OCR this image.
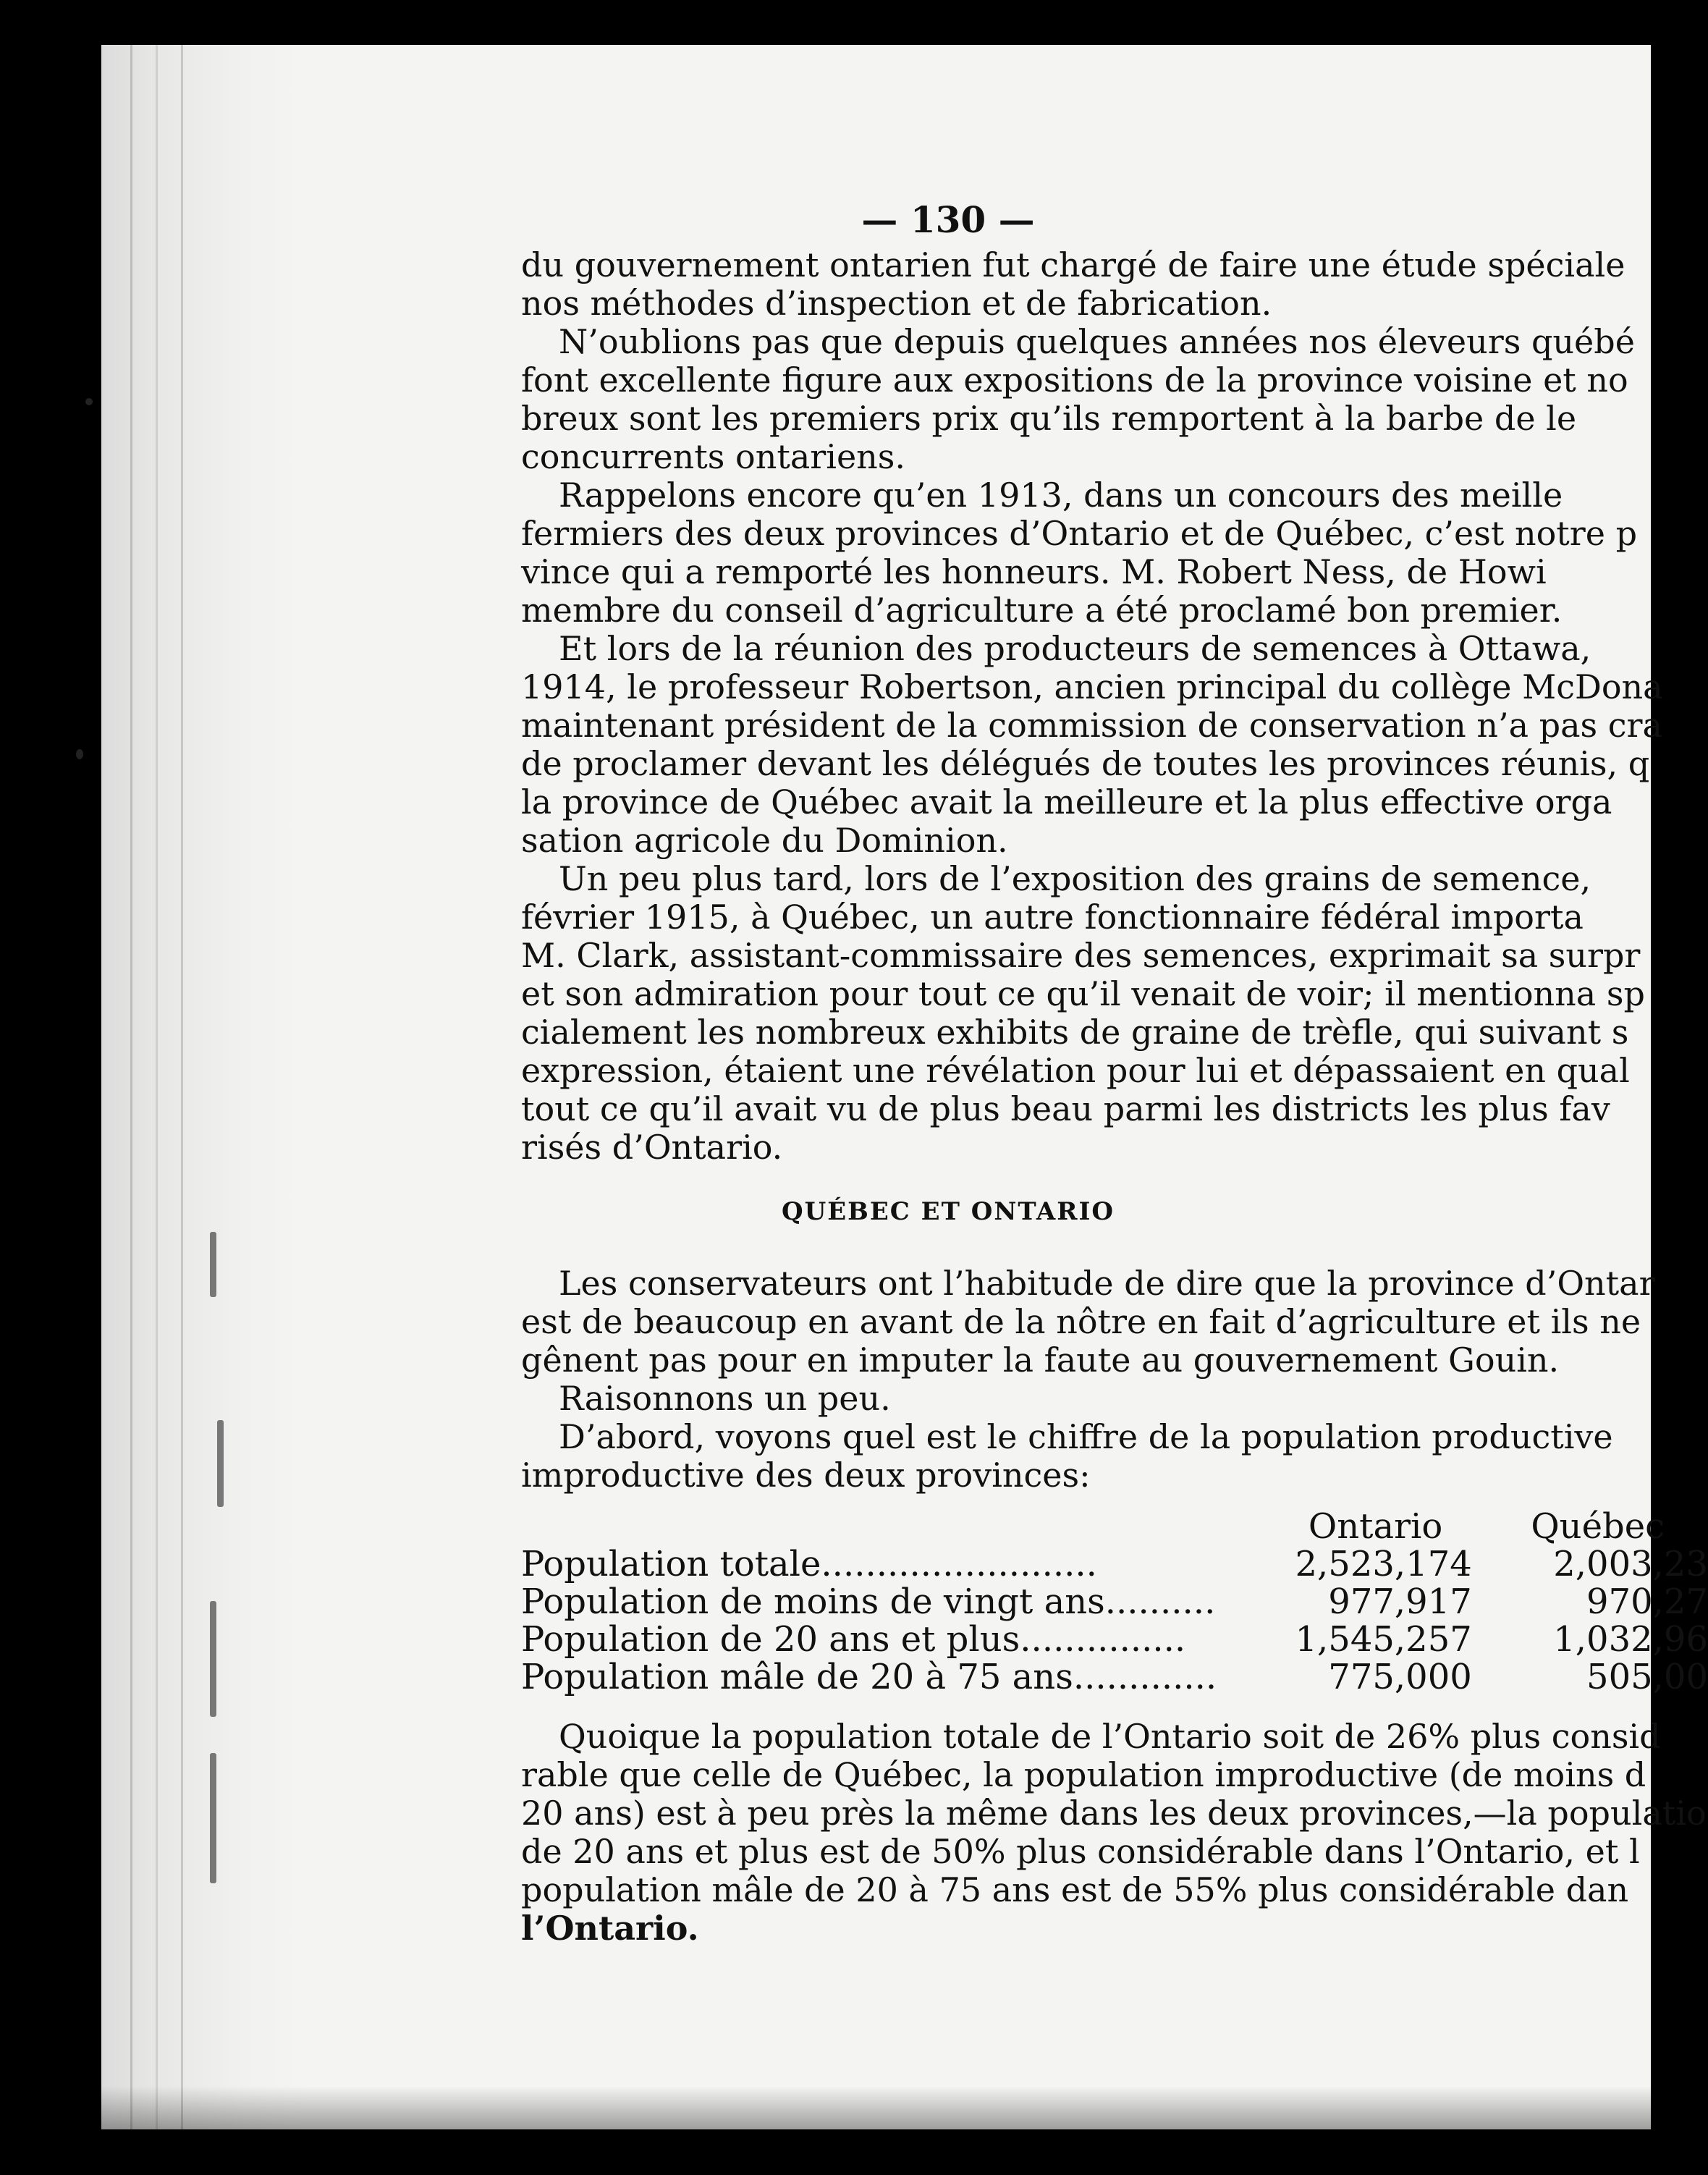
— 130 —

du gouvernement ontarien fut chargé de faire une étude spéciale

nos méthodes d’inspection et de fabrication.

N’oublions pas que depuis quelques années nos éleveurs québé

font excellente figure aux expositions de la province voisine et no

breux sont les premiers prix qu’ils remportent à la barbe de le

concurrents ontariens.

Rappelons encore qu’en 1913, dans un concours des meille

fermiers des deux provinces d’Ontario et de Québec, c’est notre p

vince qui a remporté les honneurs. M. Robert Ness, de Howi

membre du conseil d’agriculture a été proclamé bon premier.

Et lors de la réunion des producteurs de semences à Ottawa,

1914, le professeur Robertson, ancien principal du collège McDona

maintenant président de la commission de conservation n’a pas cra

de proclamer devant les délégués de toutes les provinces réunis, q

la province de Québec avait la meilleure et la plus effective orga

sation agricole du Dominion.

Un peu plus tard, lors de l’exposition des grains de semence,

février 1915, à Québec, un autre fonctionnaire fédéral importa

M. Clark, assistant-commissaire des semences, exprimait sa surpr

et son admiration pour tout ce qu’il venait de voir; il mentionna sp

cialement les nombreux exhibits de graine de trèfle, qui suivant s

expression, étaient une révélation pour lui et dépassaient en qual

tout ce qu’il avait vu de plus beau parmi les districts les plus fav

risés d’Ontario.

QUÉBEC ET ONTARIO

Les conservateurs ont l’habitude de dire que la province d’Ontar

est de beaucoup en avant de la nôtre en fait d’agriculture et ils ne

gênent pas pour en imputer la faute au gouvernement Gouin.

Raisonnons un peu.

D’abord, voyons quel est le chiffre de la population productive

improductive des deux provinces:

	Ontario	Québec
Population totale.........................	2,523,174	2,003,23
Population de moins de vingt ans..........	977,917	970,27
Population de 20 ans et plus...............	1,545,257	1,032,96
Population mâle de 20 à 75 ans.............	775,000	505,00

Quoique la population totale de l’Ontario soit de 26% plus consid

rable que celle de Québec, la population improductive (de moins d

20 ans) est à peu près la même dans les deux provinces,—la populatio

de 20 ans et plus est de 50% plus considérable dans l’Ontario, et l

population mâle de 20 à 75 ans est de 55% plus considérable dan

l’Ontario.
